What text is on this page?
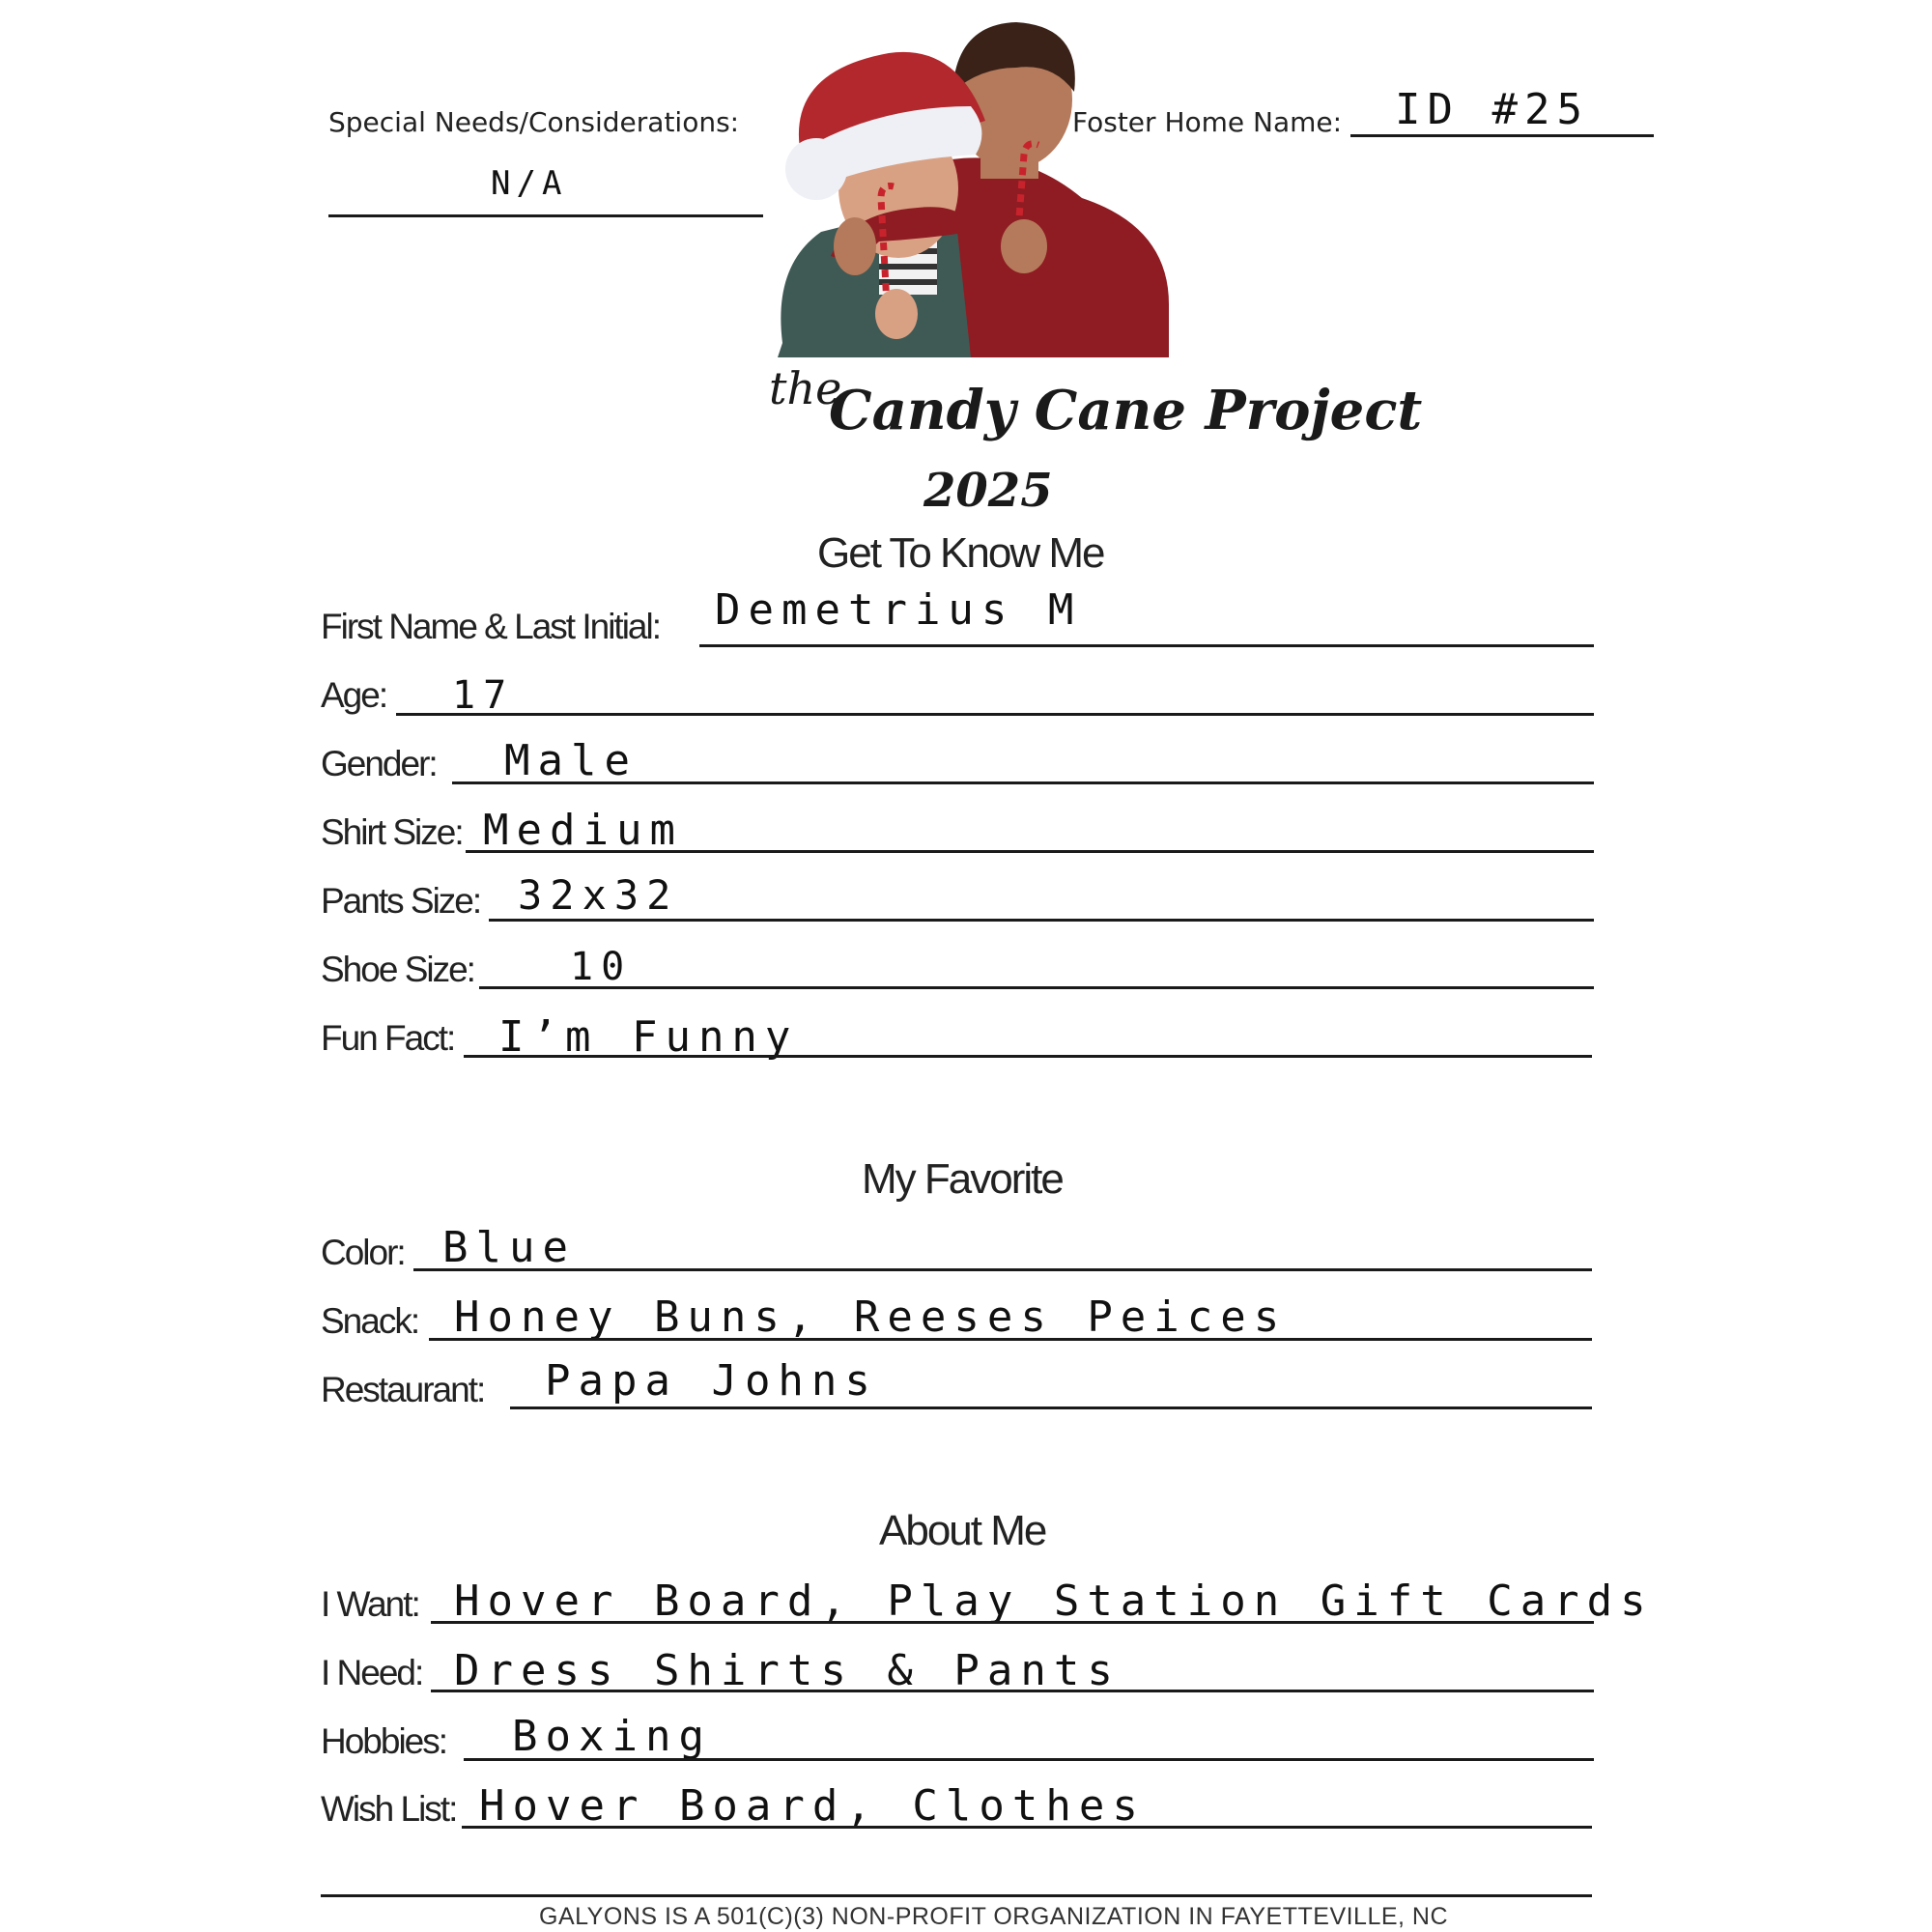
Special Needs/Considerations:
N/A
Foster Home Name: ID #25
the
Candy Cane Project
2025
Get To Know Me
First Name & Last Initial: Demetrius M
Age: 17
Gender: Male
Shirt Size: Medium
Pants Size: 32x32
Shoe Size: 10
Fun Fact: I’m Funny
My Favorite
Color: Blue
Snack: Honey Buns, Reeses Peices
Restaurant: Papa Johns
About Me
I Want: Hover Board, Play Station Gift Cards
I Need: Dress Shirts & Pants
Hobbies: Boxing
Wish List: Hover Board, Clothes
GALYONS IS A 501(C)(3) NON-PROFIT ORGANIZATION IN FAYETTEVILLE, NC
